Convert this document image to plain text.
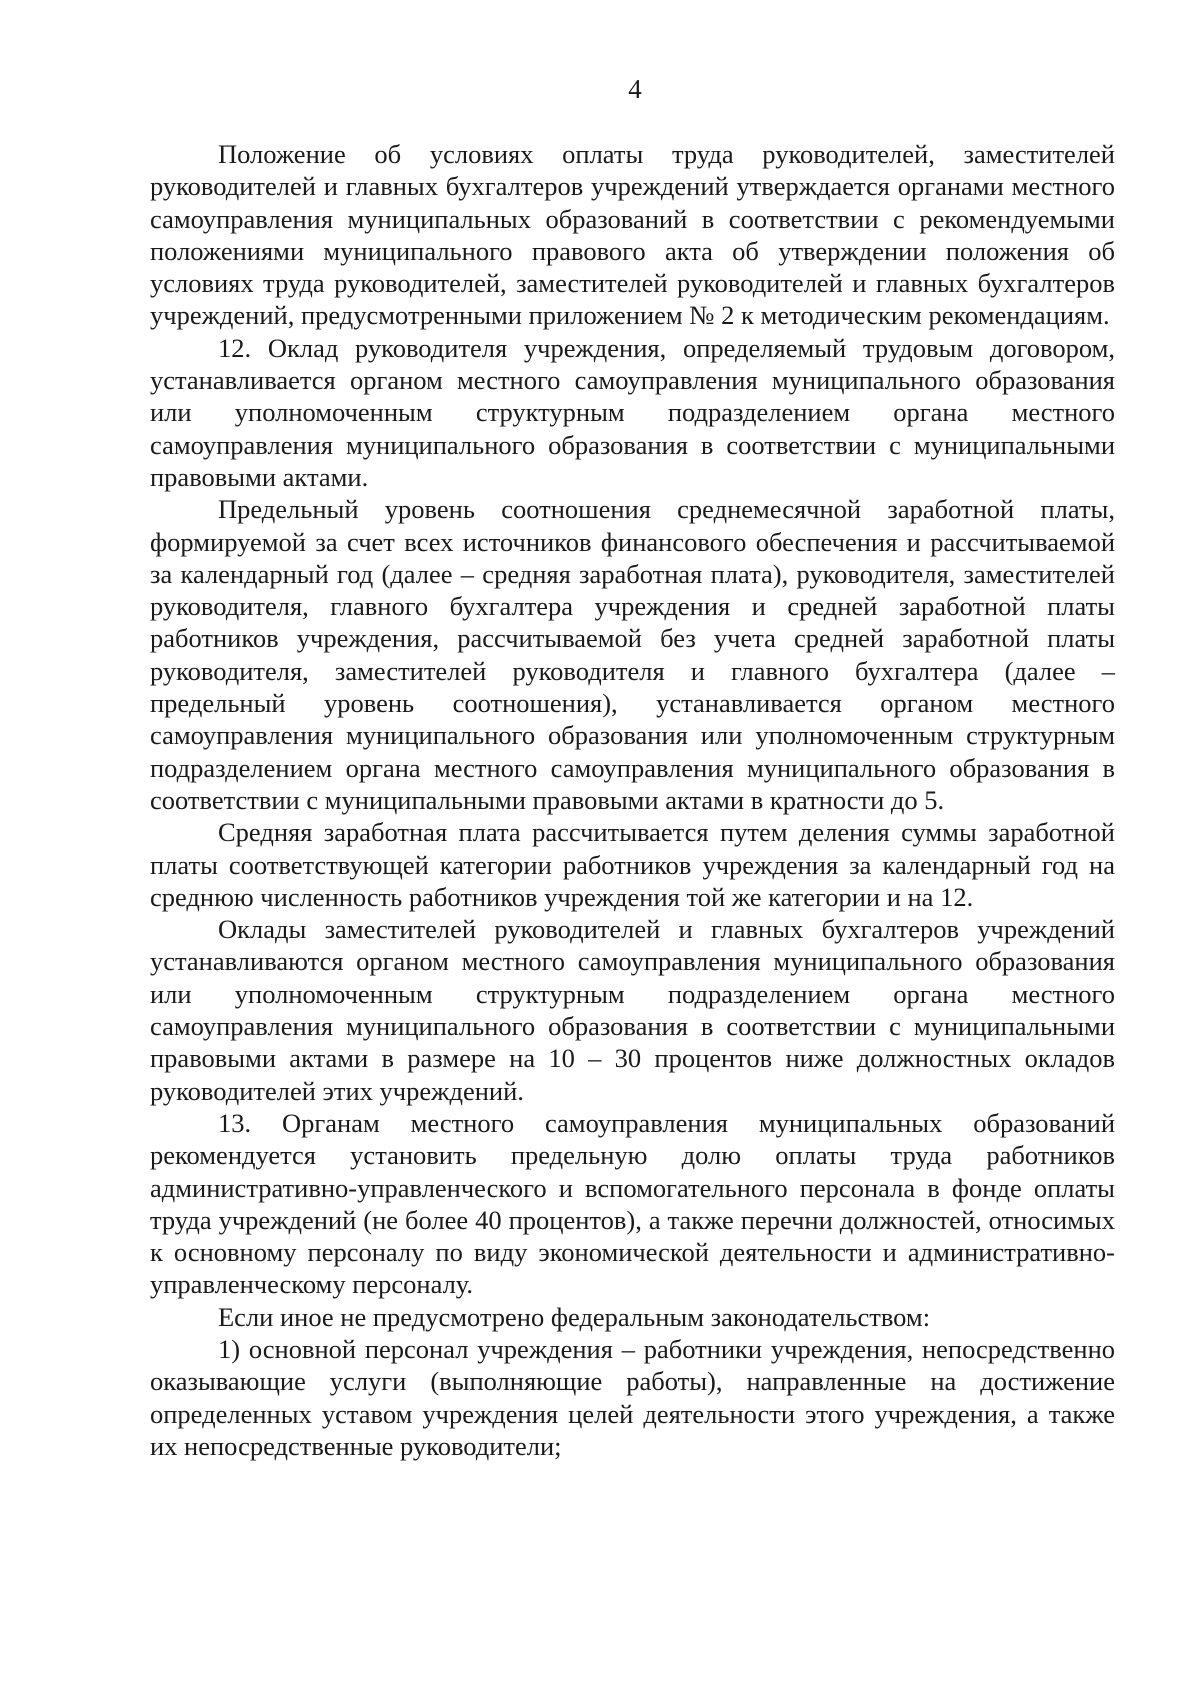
4

Положение об условиях оплаты труда руководителей, заместителей руководителей и главных бухгалтеров учреждений утверждается органами местного самоуправления муниципальных образований в соответствии с рекомендуемыми положениями муниципального правового акта об утверждении положения об условиях труда руководителей, заместителей руководителей и главных бухгалтеров учреждений, предусмотренными приложением № 2 к методическим рекомендациям.

12. Оклад руководителя учреждения, определяемый трудовым договором, устанавливается органом местного самоуправления муниципального образования или уполномоченным структурным подразделением органа местного самоуправления муниципального образования в соответствии с муниципальными правовыми актами.

Предельный уровень соотношения среднемесячной заработной платы, формируемой за счет всех источников финансового обеспечения и рассчитываемой за календарный год (далее – средняя заработная плата), руководителя, заместителей руководителя, главного бухгалтера учреждения и средней заработной платы работников учреждения, рассчитываемой без учета средней заработной платы руководителя, заместителей руководителя и главного бухгалтера (далее – предельный уровень соотношения), устанавливается органом местного самоуправления муниципального образования или уполномоченным структурным подразделением органа местного самоуправления муниципального образования в соответствии с муниципальными правовыми актами в кратности до 5.

Средняя заработная плата рассчитывается путем деления суммы заработной платы соответствующей категории работников учреждения за календарный год на среднюю численность работников учреждения той же категории и на 12.

Оклады заместителей руководителей и главных бухгалтеров учреждений устанавливаются органом местного самоуправления муниципального образования или уполномоченным структурным подразделением органа местного самоуправления муниципального образования в соответствии с муниципальными правовыми актами в размере на 10 – 30 процентов ниже должностных окладов руководителей этих учреждений.

13. Органам местного самоуправления муниципальных образований рекомендуется установить предельную долю оплаты труда работников административно-управленческого и вспомогательного персонала в фонде оплаты труда учреждений (не более 40 процентов), а также перечни должностей, относимых к основному персоналу по виду экономической деятельности и административно-управленческому персоналу.

Если иное не предусмотрено федеральным законодательством:

1) основной персонал учреждения – работники учреждения, непосредственно оказывающие услуги (выполняющие работы), направленные на достижение определенных уставом учреждения целей деятельности этого учреждения, а также их непосредственные руководители;
